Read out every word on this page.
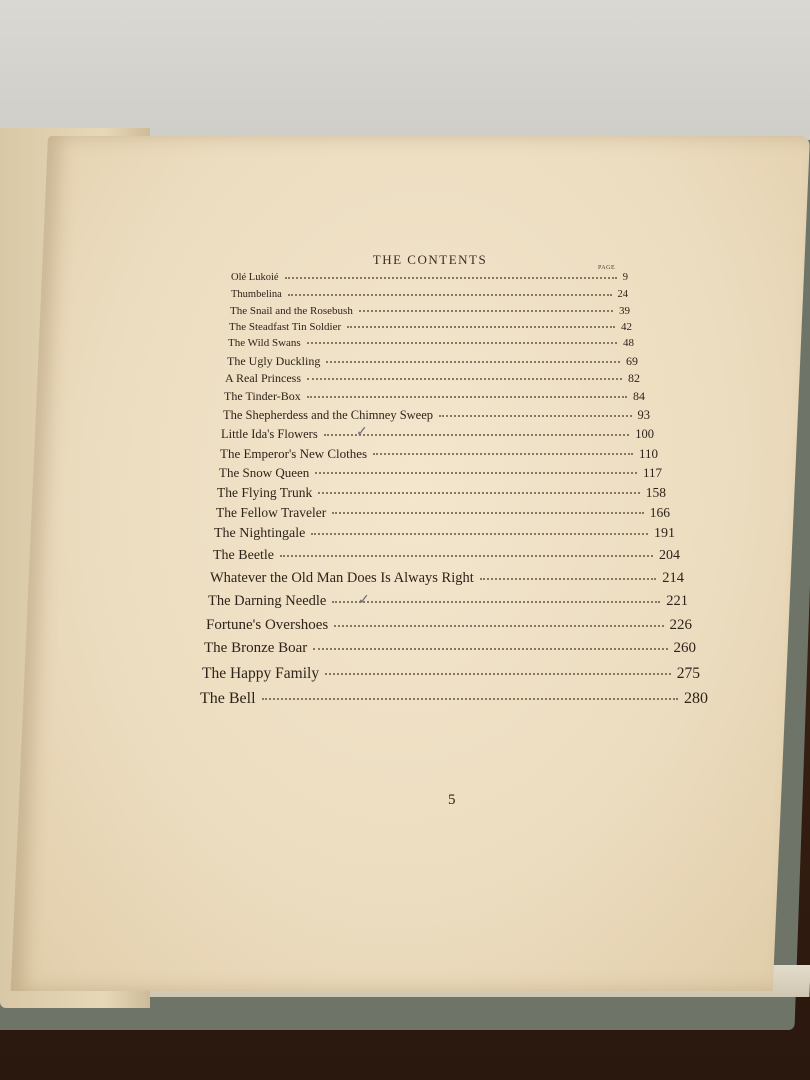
THE CONTENTS
PAGE
Olé Lukoié	9
Thumbelina	24
The Snail and the Rosebush	39
The Steadfast Tin Soldier	42
The Wild Swans	48
The Ugly Duckling	69
A Real Princess	82
The Tinder-Box	84
The Shepherdess and the Chimney Sweep	93
Little Ida's Flowers	100
The Emperor's New Clothes	110
The Snow Queen	117
The Flying Trunk	158
The Fellow Traveler	166
The Nightingale	191
The Beetle	204
Whatever the Old Man Does Is Always Right	214
The Darning Needle	221
Fortune's Overshoes	226
The Bronze Boar	260
The Happy Family	275
The Bell	280
5
✓
✓
